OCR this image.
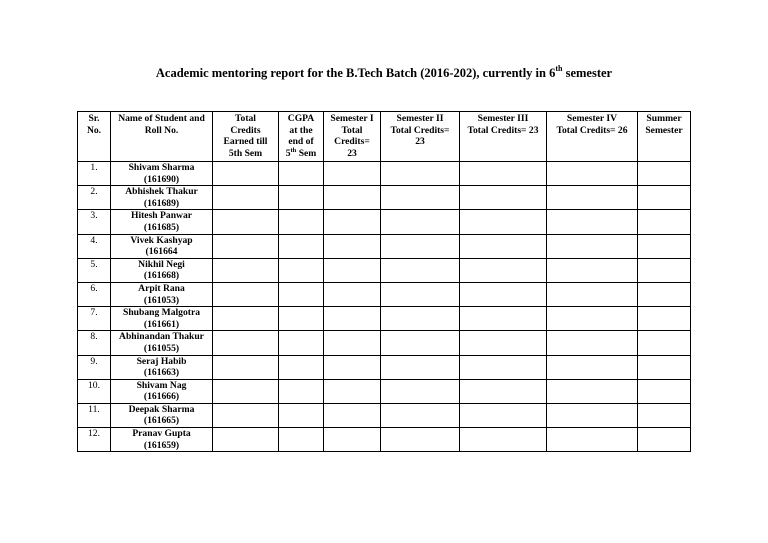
Academic mentoring report for the B.Tech Batch (2016-202), currently in 6th semester
Sr.
No.	Name of Student and
Roll No.	Total
Credits
Earned till
5th Sem	CGPA
at the
end of
5th Sem	Semester I
Total
Credits=
23	Semester II
Total Credits=
23	Semester III
Total Credits= 23	Semester IV
Total Credits= 26	Summer
Semester

1.	Shivam Sharma
(161690)							

2.	Abhishek Thakur
(161689)							

3.	Hitesh Panwar
(161685)							

4.	Vivek Kashyap
(161664							

5.	Nikhil Negi
(161668)							

6.	Arpit Rana
(161053)							

7.	Shubang Malgotra
(161661)							

8.	Abhinandan Thakur
(161055)							

9.	Seraj Habib
(161663)							

10.	Shivam Nag
(161666)							

11.	Deepak Sharma
(161665)							

12.	Pranav Gupta
(161659)							
